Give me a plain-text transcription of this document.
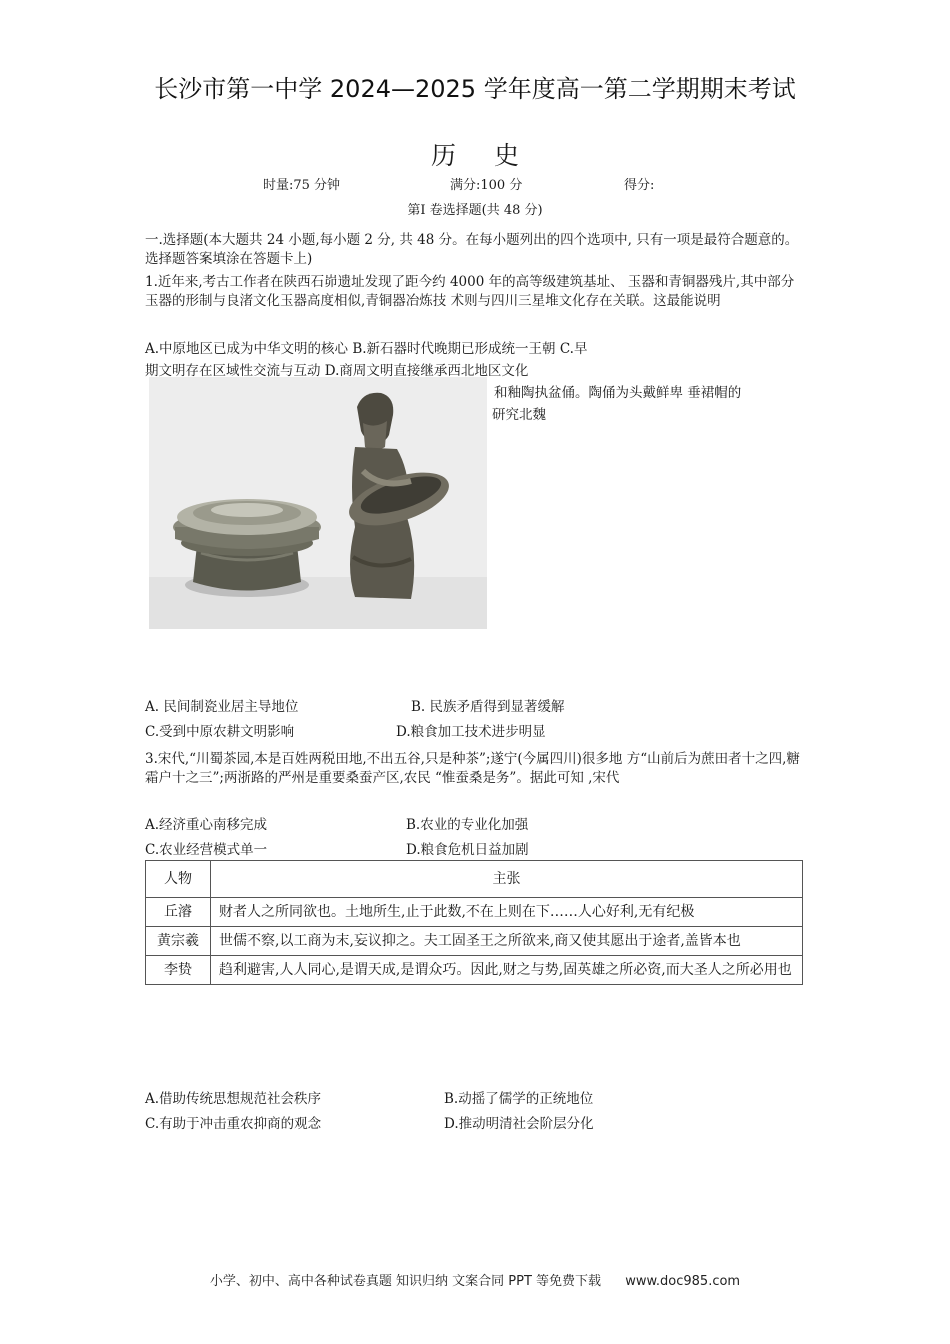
长沙市第一中学 2024—2025 学年度高一第二学期期末考试
历史
时量:75 分钟	满分:100 分	得分:
第Ⅰ 卷选择题(共 48 分)
一.选择题(本大题共 24 小题,每小题 2 分, 共 48 分。在每小题列出的四个选项中, 只有一项是最符合题意的。选择题答案填涂在答题卡上)
1.近年来,考古工作者在陕西石峁遗址发现了距今约 4000 年的高等级建筑基址、 玉器和青铜器残片,其中部分玉器的形制与良渚文化玉器高度相似,青铜器冶炼技 术则与四川三星堆文化存在关联。这最能说明
A.中原地区已成为中华文明的核心 B.新石器时代晚期已形成统一王朝 C.早
期文明存在区域性交流与互动 D.商周文明直接继承西北地区文化
和釉陶执盆俑。陶俑为头戴鲜卑 垂裙帽的
研究北魏
A. 民间制瓷业居主导地位	B. 民族矛盾得到显著缓解
C.受到中原农耕文明影响	D.粮食加工技术进步明显
3.宋代,“川蜀茶园,本是百姓两税田地,不出五谷,只是种茶”;遂宁(今属四川)很多地 方“山前后为蔗田者十之四,糖霜户十之三”;两浙路的严州是重要桑蚕产区,农民 “惟蚕桑是务”。据此可知 ,宋代
A.经济重心南移完成	B.农业的专业化加强
C.农业经营模式单一	D.粮食危机日益加剧
人物	主张
丘濬	财者人之所同欲也。土地所生,止于此数,不在上则在下……人心好利,无有纪极
黄宗羲	世儒不察,以工商为末,妄议抑之。夫工固圣王之所欲来,商又使其愿出于途者,盖皆本也
李贽	趋利避害,人人同心,是谓天成,是谓众巧。因此,财之与势,固英雄之所必资,而大圣人之所必用也
A.借助传统思想规范社会秩序	B.动摇了儒学的正统地位
C.有助于冲击重农抑商的观念	D.推动明清社会阶层分化
小学、初中、高中各种试卷真题 知识归纳 文案合同 PPT 等免费下载 www.doc985.com
